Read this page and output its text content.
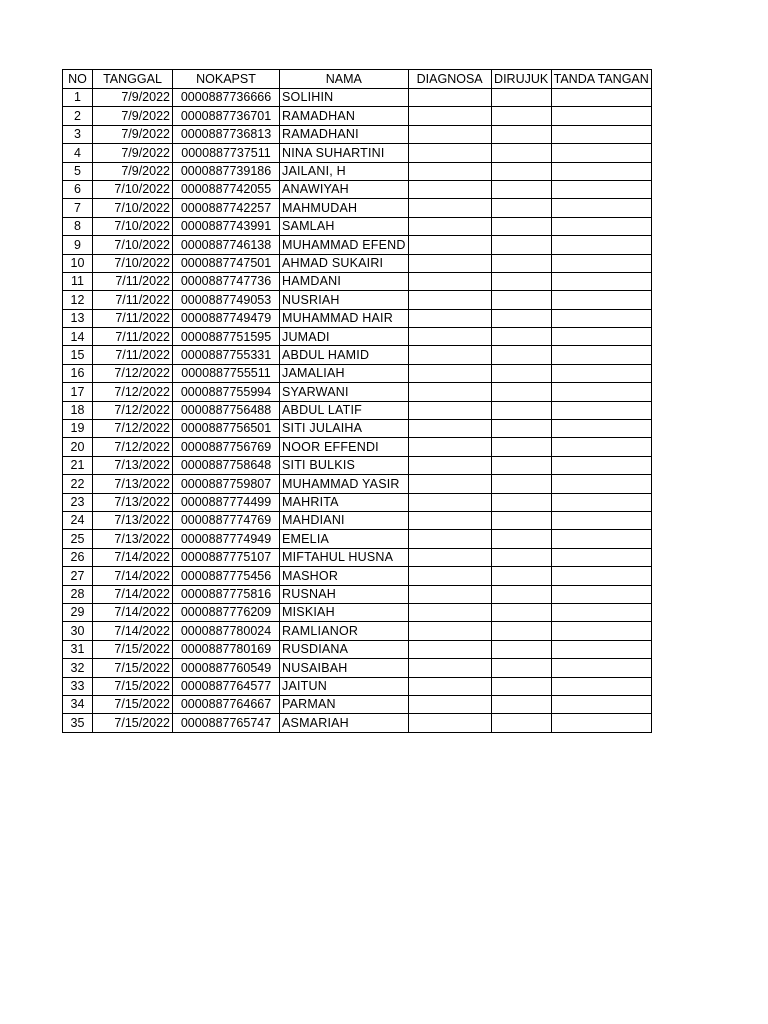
NO	TANGGAL	NOKAPST	NAMA	DIAGNOSA	DIRUJUK	TANDA TANGAN
1	7/9/2022	0000887736666	SOLIHIN			
2	7/9/2022	0000887736701	RAMADHAN			
3	7/9/2022	0000887736813	RAMADHANI			
4	7/9/2022	0000887737511	NINA SUHARTINI			
5	7/9/2022	0000887739186	JAILANI, H			
6	7/10/2022	0000887742055	ANAWIYAH			
7	7/10/2022	0000887742257	MAHMUDAH			
8	7/10/2022	0000887743991	SAMLAH			
9	7/10/2022	0000887746138	MUHAMMAD EFEND			
10	7/10/2022	0000887747501	AHMAD SUKAIRI			
11	7/11/2022	0000887747736	HAMDANI			
12	7/11/2022	0000887749053	NUSRIAH			
13	7/11/2022	0000887749479	MUHAMMAD HAIR			
14	7/11/2022	0000887751595	JUMADI			
15	7/11/2022	0000887755331	ABDUL HAMID			
16	7/12/2022	0000887755511	JAMALIAH			
17	7/12/2022	0000887755994	SYARWANI			
18	7/12/2022	0000887756488	ABDUL LATIF			
19	7/12/2022	0000887756501	SITI JULAIHA			
20	7/12/2022	0000887756769	NOOR EFFENDI			
21	7/13/2022	0000887758648	SITI BULKIS			
22	7/13/2022	0000887759807	MUHAMMAD YASIR			
23	7/13/2022	0000887774499	MAHRITA			
24	7/13/2022	0000887774769	MAHDIANI			
25	7/13/2022	0000887774949	EMELIA			
26	7/14/2022	0000887775107	MIFTAHUL HUSNA			
27	7/14/2022	0000887775456	MASHOR			
28	7/14/2022	0000887775816	RUSNAH			
29	7/14/2022	0000887776209	MISKIAH			
30	7/14/2022	0000887780024	RAMLIANOR			
31	7/15/2022	0000887780169	RUSDIANA			
32	7/15/2022	0000887760549	NUSAIBAH			
33	7/15/2022	0000887764577	JAITUN			
34	7/15/2022	0000887764667	PARMAN			
35	7/15/2022	0000887765747	ASMARIAH			
